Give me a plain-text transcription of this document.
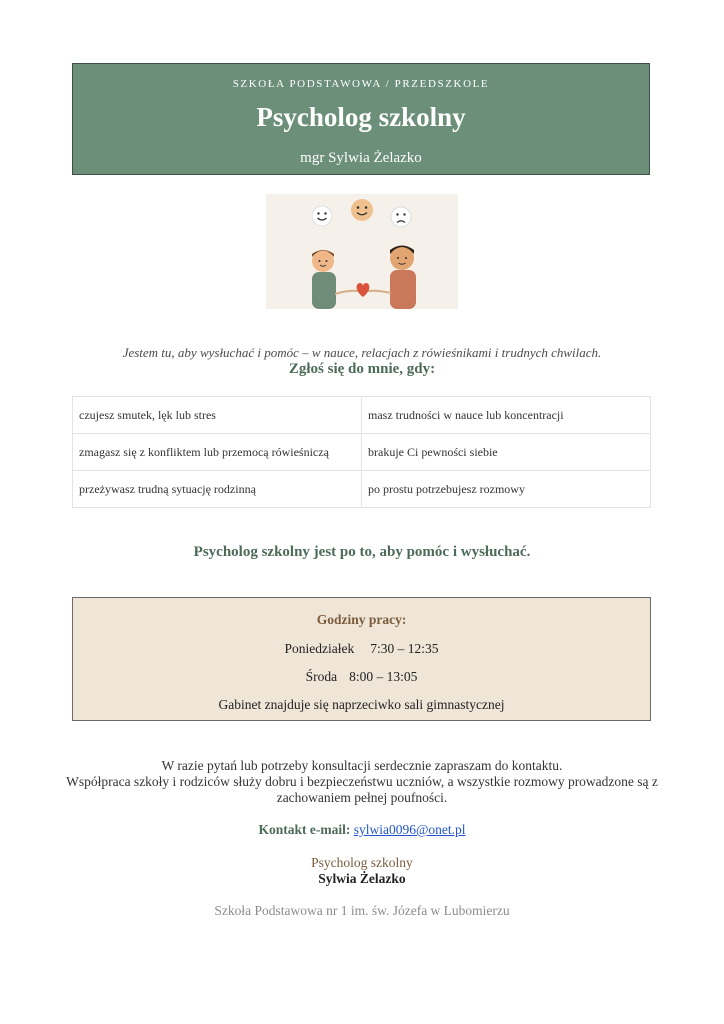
SZKOŁA PODSTAWOWA / PRZEDSZKOLE
Psycholog szkolny
mgr Sylwia Żelazko
Jestem tu, aby wysłuchać i pomóc – w nauce, relacjach z rówieśnikami i trudnych chwilach.
Zgłoś się do mnie, gdy:
czujesz smutek, lęk lub stres	masz trudności w nauce lub koncentracji
zmagasz się z konfliktem lub przemocą rówieśniczą	brakuje Ci pewności siebie
przeżywasz trudną sytuację rodzinną	po prostu potrzebujesz rozmowy
Psycholog szkolny jest po to, aby pomóc i wysłuchać.
Godziny pracy:
Poniedziałek 7:30 – 12:35
Środa 8:00 – 13:05
Gabinet znajduje się naprzeciwko sali gimnastycznej
W razie pytań lub potrzeby konsultacji serdecznie zapraszam do kontaktu.
Współpraca szkoły i rodziców służy dobru i bezpieczeństwu uczniów, a wszystkie rozmowy prowadzone są z zachowaniem pełnej poufności.
Kontakt e-mail: sylwia0096@onet.pl
Psycholog szkolny
Sylwia Żelazko
Szkoła Podstawowa nr 1 im. św. Józefa w Lubomierzu
